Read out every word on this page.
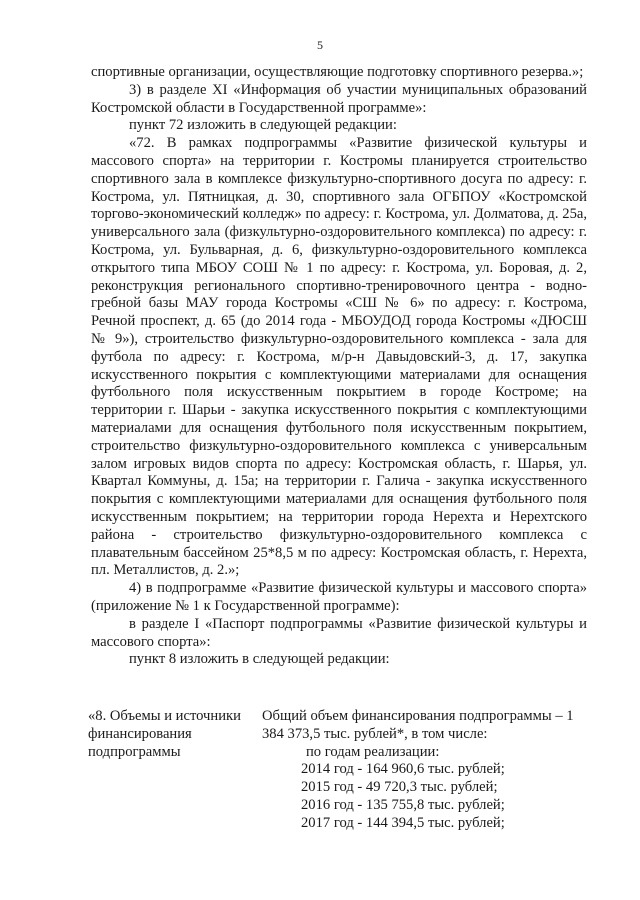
5

спортивные организации, осуществляющие подготовку спортивного резерва.»;

3) в разделе XI «Информация об участии муниципальных образований Костромской области в Государственной программе»:

пункт 72 изложить в следующей редакции:

«72. В рамках подпрограммы «Развитие физической культуры и массового спорта» на территории г. Костромы планируется строительство спортивного зала в комплексе физкультурно-спортивного досуга по адресу: г. Кострома, ул. Пятницкая, д. 30, спортивного зала ОГБПОУ «Костромской торгово-экономический колледж» по адресу: г. Кострома, ул. Долматова, д. 25а, универсального зала (физкультурно-оздоровительного комплекса) по адресу: г. Кострома, ул. Бульварная, д. 6, физкультурно-оздоровительного комплекса открытого типа МБОУ СОШ № 1 по адресу: г. Кострома, ул. Боровая, д. 2, реконструкция регионального спортивно-тренировочного центра - водно-гребной базы МАУ города Костромы «СШ № 6» по адресу: г. Кострома, Речной проспект, д. 65 (до 2014 года - МБОУДОД города Костромы «ДЮСШ № 9»), строительство физкультурно-оздоровительного комплекса - зала для футбола по адресу: г. Кострома, м/р-н Давыдовский-3, д. 17, закупка искусственного покрытия с комплектующими материалами для оснащения футбольного поля искусственным покрытием в городе Костроме; на территории г. Шарьи - закупка искусственного покрытия с комплектующими материалами для оснащения футбольного поля искусственным покрытием, строительство физкультурно-оздоровительного комплекса с универсальным залом игровых видов спорта по адресу: Костромская область, г. Шарья, ул. Квартал Коммуны, д. 15а; на территории г. Галича - закупка искусственного покрытия с комплектующими материалами для оснащения футбольного поля искусственным покрытием; на территории города Нерехта и Нерехтского района - строительство физкультурно-оздоровительного комплекса с плавательным бассейном 25*8,5 м по адресу: Костромская область, г. Нерехта, пл. Металлистов, д. 2.»;

4) в подпрограмме «Развитие физической культуры и массового спорта» (приложение № 1 к Государственной программе):

в разделе I «Паспорт подпрограммы «Развитие физической культуры и массового спорта»:

пункт 8 изложить в следующей редакции:

«8. Объемы и источники финансирования подпрограммы

Общий объем финансирования подпрограммы – 1 384 373,5 тыс. рублей*, в том числе:

по годам реализации:

2014 год - 164 960,6 тыс. рублей;
2015 год - 49 720,3 тыс. рублей;
2016 год - 135 755,8 тыс. рублей;
2017 год - 144 394,5 тыс. рублей;
